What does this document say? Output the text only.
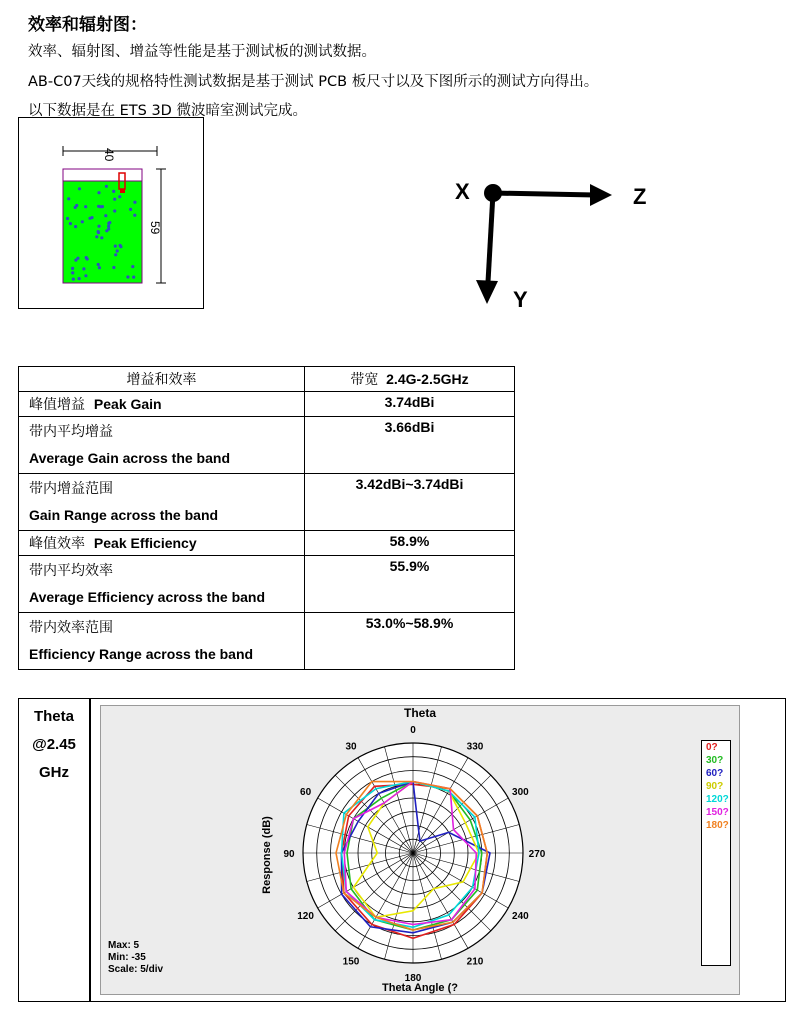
效率和辐射图：
效率、辐射图、增益等性能是基于测试板的测试数据。
AB-C07天线的规格特性测试数据是基于测试 PCB 板尺寸以及下图所示的测试方向得出。
以下数据是在 ETS 3D 微波暗室测试完成。
40
59
X	Z
Y
增益和效率	带宽 2.4G-2.5GHz
峰值增益 Peak Gain	3.74dBi

带内平均增益
Average Gain across the band	3.66dBi

带内增益范围
Gain Range across the band	3.42dBi~3.74dBi
峰值效率 Peak Efficiency	58.9%

带内平均效率
Average Efficiency across the band	55.9%

带内效率范围
Efficiency Range across the band	53.0%~58.9%
Theta
@2.45
GHz
Theta
0
330
300
270
240
210
180
150
120
90
60
30
Response (dB)
Theta Angle (?
Max: 5
Min: -35
Scale: 5/div
0?
30?
60?
90?
120?
150?
180?
